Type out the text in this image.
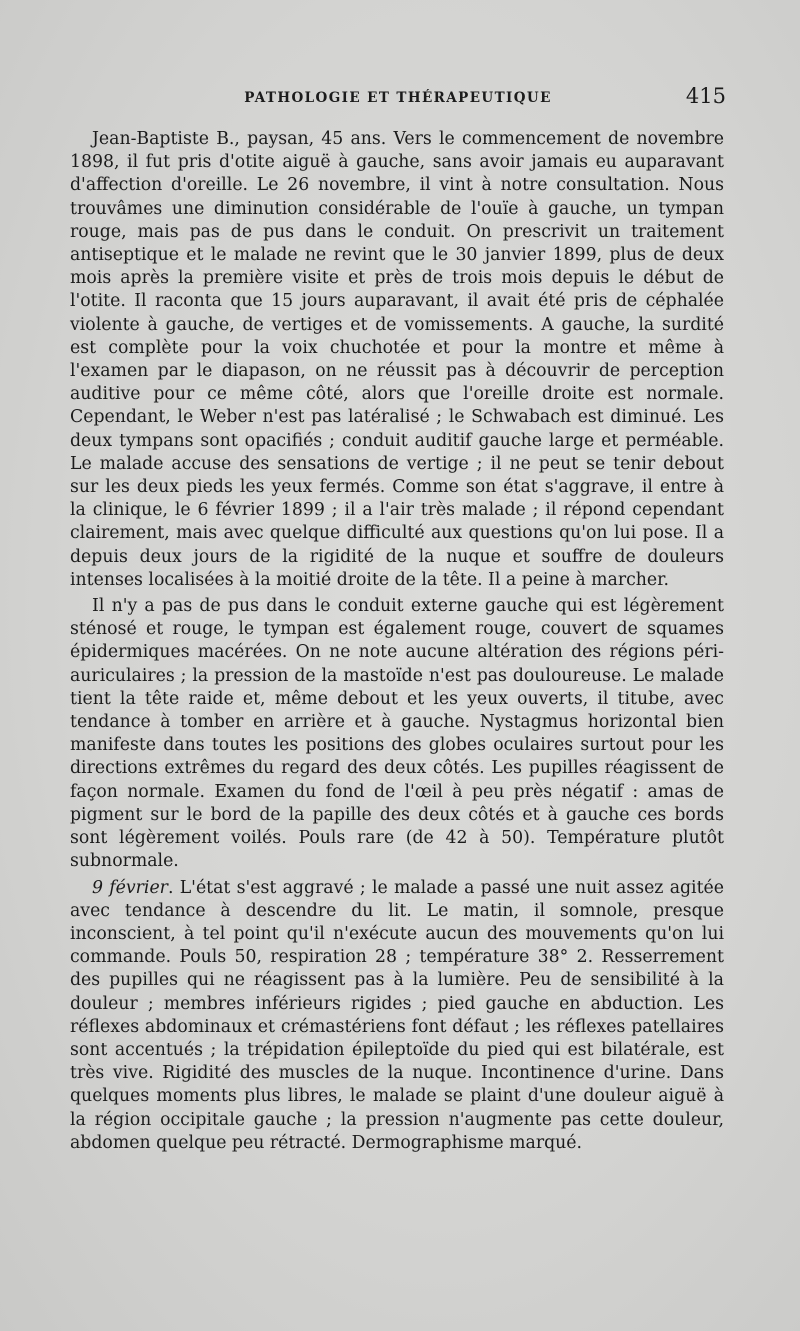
PATHOLOGIE ET THÉRAPEUTIQUE	415

Jean-Baptiste B., paysan, 45 ans. Vers le commencement de novembre 1898, il fut pris d'otite aiguë à gauche, sans avoir jamais eu auparavant d'affection d'oreille. Le 26 novembre, il vint à notre consultation. Nous trouvâmes une diminution considérable de l'ouïe à gauche, un tympan rouge, mais pas de pus dans le conduit. On prescrivit un traitement antiseptique et le malade ne revint que le 30 janvier 1899, plus de deux mois après la première visite et près de trois mois depuis le début de l'otite. Il raconta que 15 jours auparavant, il avait été pris de céphalée violente à gauche, de vertiges et de vomissements. A gauche, la surdité est complète pour la voix chuchotée et pour la montre et même à l'examen par le diapason, on ne réussit pas à découvrir de perception auditive pour ce même côté, alors que l'oreille droite est normale. Cependant, le Weber n'est pas latéralisé ; le Schwabach est diminué. Les deux tympans sont opacifiés ; conduit auditif gauche large et perméable. Le malade accuse des sensations de vertige ; il ne peut se tenir debout sur les deux pieds les yeux fermés. Comme son état s'aggrave, il entre à la clinique, le 6 février 1899 ; il a l'air très malade ; il répond cependant clairement, mais avec quelque difficulté aux questions qu'on lui pose. Il a depuis deux jours de la rigidité de la nuque et souffre de douleurs intenses localisées à la moitié droite de la tête. Il a peine à marcher.

Il n'y a pas de pus dans le conduit externe gauche qui est légèrement sténosé et rouge, le tympan est également rouge, couvert de squames épidermiques macérées. On ne note aucune altération des régions péri-auriculaires ; la pression de la mastoïde n'est pas douloureuse. Le malade tient la tête raide et, même debout et les yeux ouverts, il titube, avec tendance à tomber en arrière et à gauche. Nystagmus horizontal bien manifeste dans toutes les positions des globes oculaires surtout pour les directions extrêmes du regard des deux côtés. Les pupilles réagissent de façon normale. Examen du fond de l'œil à peu près négatif : amas de pigment sur le bord de la papille des deux côtés et à gauche ces bords sont légèrement voilés. Pouls rare (de 42 à 50). Température plutôt subnormale.

9 février. L'état s'est aggravé ; le malade a passé une nuit assez agitée avec tendance à descendre du lit. Le matin, il somnole, presque inconscient, à tel point qu'il n'exécute aucun des mouvements qu'on lui commande. Pouls 50, respiration 28 ; température 38° 2. Resserrement des pupilles qui ne réagissent pas à la lumière. Peu de sensibilité à la douleur ; membres inférieurs rigides ; pied gauche en abduction. Les réflexes abdominaux et crémastériens font défaut ; les réflexes patellaires sont accentués ; la trépidation épileptoïde du pied qui est bilatérale, est très vive. Rigidité des muscles de la nuque. Incontinence d'urine. Dans quelques moments plus libres, le malade se plaint d'une douleur aiguë à la région occipitale gauche ; la pression n'augmente pas cette douleur, abdomen quelque peu rétracté. Dermographisme marqué.
